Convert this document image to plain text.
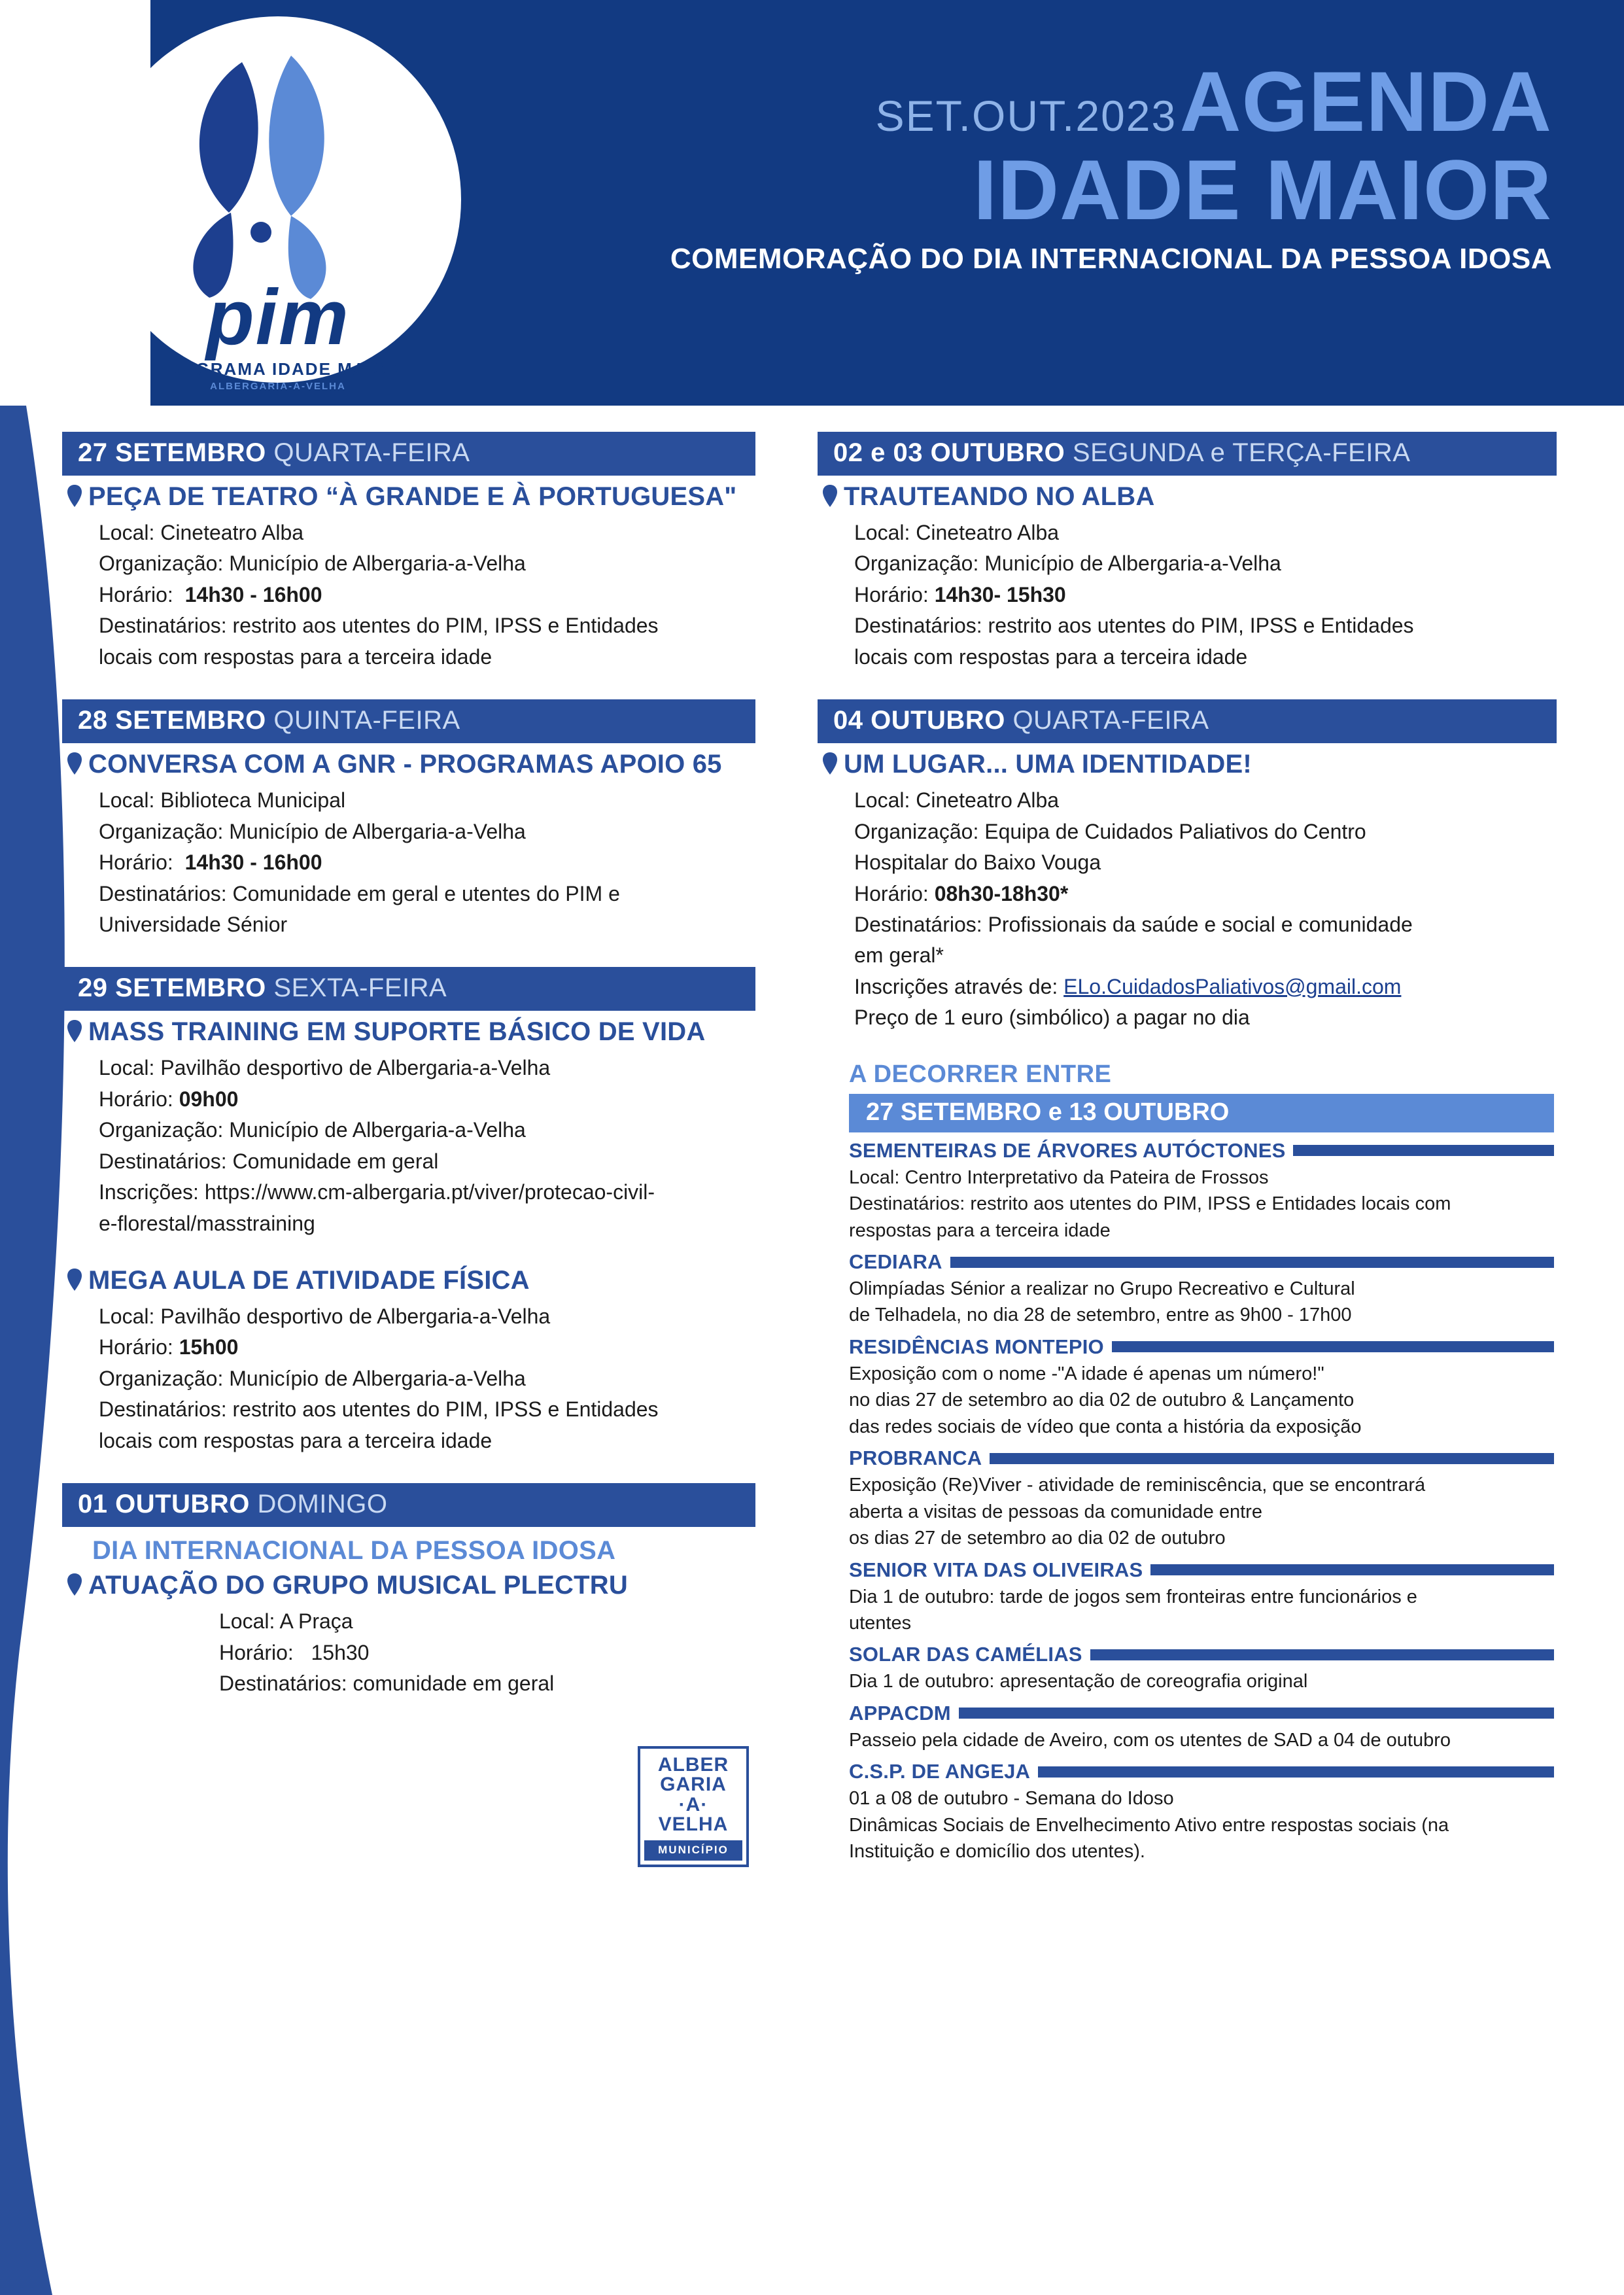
pim
PROGRAMA IDADE MAIOR
ALBERGARIA-A-VELHA
SET.OUT.2023 AGENDA
IDADE MAIOR
COMEMORAÇÃO DO DIA INTERNACIONAL DA PESSOA IDOSA
27 SETEMBRO QUARTA-FEIRA
PEÇA DE TEATRO “À GRANDE E À PORTUGUESA"
Local: Cineteatro Alba
Organização: Município de Albergaria-a-Velha
Horário:  14h30 - 16h00
Destinatários: restrito aos utentes do PIM, IPSS e Entidades
locais com respostas para a terceira idade
28 SETEMBRO QUINTA-FEIRA
CONVERSA COM A GNR - PROGRAMAS APOIO 65
Local: Biblioteca Municipal
Organização: Município de Albergaria-a-Velha
Horário:  14h30 - 16h00
Destinatários: Comunidade em geral e utentes do PIM e
Universidade Sénior
29 SETEMBRO SEXTA-FEIRA
MASS TRAINING EM SUPORTE BÁSICO DE VIDA
Local: Pavilhão desportivo de Albergaria-a-Velha
Horário: 09h00
Organização: Município de Albergaria-a-Velha
Destinatários: Comunidade em geral
Inscrições: https://www.cm-albergaria.pt/viver/protecao-civil-
e-florestal/masstraining
MEGA AULA DE ATIVIDADE FÍSICA
Local: Pavilhão desportivo de Albergaria-a-Velha
Horário: 15h00
Organização: Município de Albergaria-a-Velha
Destinatários: restrito aos utentes do PIM, IPSS e Entidades
locais com respostas para a terceira idade
01 OUTUBRO DOMINGO
DIA INTERNACIONAL DA PESSOA IDOSA
ATUAÇÃO DO GRUPO MUSICAL PLECTRU
Local: A Praça
Horário:   15h30
Destinatários: comunidade em geral
ALBER
GARIA
·A·
VELHA
MUNICÍPIO
02 e 03 OUTUBRO SEGUNDA e TERÇA-FEIRA
TRAUTEANDO NO ALBA
Local: Cineteatro Alba
Organização: Município de Albergaria-a-Velha
Horário: 14h30- 15h30
Destinatários: restrito aos utentes do PIM, IPSS e Entidades
locais com respostas para a terceira idade
04 OUTUBRO QUARTA-FEIRA
UM LUGAR... UMA IDENTIDADE!
Local: Cineteatro Alba
Organização: Equipa de Cuidados Paliativos do Centro
Hospitalar do Baixo Vouga
Horário: 08h30-18h30*
Destinatários: Profissionais da saúde e social e comunidade
em geral*
Inscrições através de: ELo.CuidadosPaliativos@gmail.com
Preço de 1 euro (simbólico) a pagar no dia
A DECORRER ENTRE
27 SETEMBRO e 13 OUTUBRO
SEMENTEIRAS DE ÁRVORES AUTÓCTONES
Local: Centro Interpretativo da Pateira de Frossos
Destinatários: restrito aos utentes do PIM, IPSS e Entidades locais com
respostas para a terceira idade
CEDIARA
Olimpíadas Sénior a realizar no Grupo Recreativo e Cultural
de Telhadela, no dia 28 de setembro, entre as 9h00 - 17h00
RESIDÊNCIAS MONTEPIO
Exposição com o nome -"A idade é apenas um número!"
no dias 27 de setembro ao dia 02 de outubro & Lançamento
das redes sociais de vídeo que conta a história da exposição
PROBRANCA
Exposição (Re)Viver - atividade de reminiscência, que se encontrará
aberta a visitas de pessoas da comunidade entre
os dias 27 de setembro ao dia 02 de outubro
SENIOR VITA DAS OLIVEIRAS
Dia 1 de outubro: tarde de jogos sem fronteiras entre funcionários e
utentes
SOLAR DAS CAMÉLIAS
Dia 1 de outubro: apresentação de coreografia original
APPACDM
Passeio pela cidade de Aveiro, com os utentes de SAD a 04 de outubro
C.S.P. DE ANGEJA
01 a 08 de outubro - Semana do Idoso
Dinâmicas Sociais de Envelhecimento Ativo entre respostas sociais (na
Instituição e domicílio dos utentes).
